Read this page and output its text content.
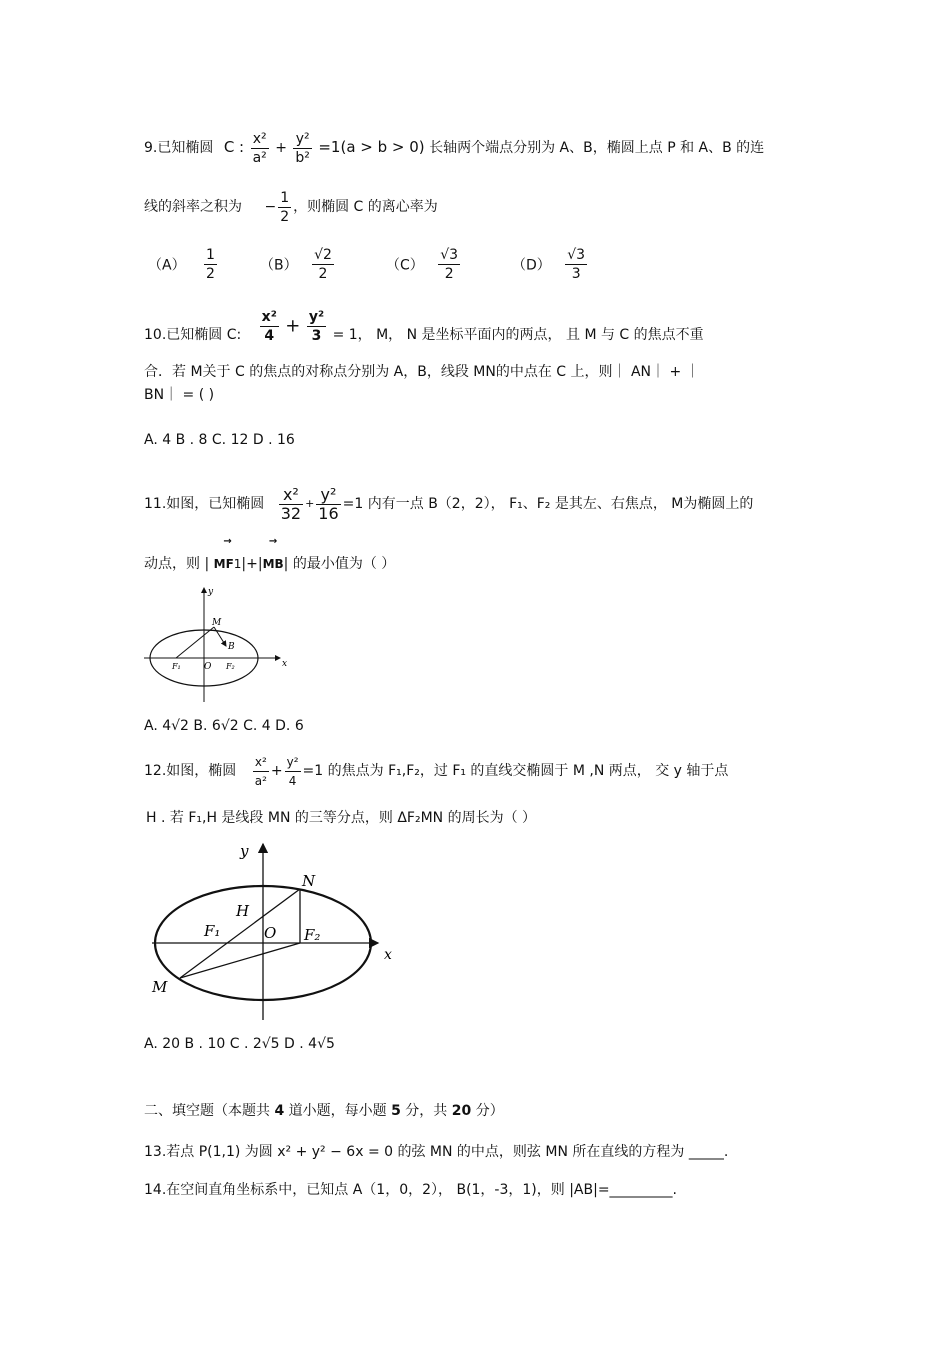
9.已知椭圆 C : $\frac{\text{x²}}{\text{a²}} + \frac{\text{y²}}{\text{b²}} =1(a > b > 0)$ 长轴两个端点分别为 A、B，椭圆上点 P 和 A、B 的连
线的斜率之积为 − $\frac{1}{2}$ ，则椭圆 C 的离心率为
$(A) \frac{1}{2}$	$(B) \frac{√2}{2}$	$(C) \frac{√3}{2}$	$(D) \frac{√3}{3}$
10.已知椭圆 C: $\frac{\text{x²}}{4} + \frac{\text{y²}}{3} = 1$， M， N 是坐标平面内的两点， 且 M 与 C 的焦点不重
合．若 M关于 C 的焦点的对称点分别为 A，B，线段 MN的中点在 C 上，则｜ AN｜ + ｜
BN｜ = ( )
A. 4 B . 8 C. 12 D . 16
11.如图，已知椭圆 $\frac{\text{x²}}{32} + \frac{\text{y²}}{16} =1$ 内有一点 B（2，2）， F₁、F₂ 是其左、右焦点， M为椭圆上的
动点，则 |
→
MF1|+|
→
MB| 的最小值为（ ）
y
x
M
B
F₁	O F₂
A. 4√2 B. 6√2 C. 4 D. 6
12.如图，椭圆 $\frac{\text{x²}}{\text{a²}} + \frac{\text{y²}}{4} =1$ 的焦点为 F₁,F₂，过 F₁ 的直线交椭圆于 M ,N 两点， 交 y 轴于点
H . 若 F₁,H 是线段 MN 的三等分点，则 ΔF₂MN 的周长为（ ）
y
x
N
H
F₁	O F₂
M
A. 20 B . 10 C . 2√5 D . 4√5
二、填空题（本题共 4 道小题，每小题 5 分，共 20 分）
13.若点 P(1,1) 为圆 x² + y² − 6x = 0 的弦 MN 的中点，则弦 MN 所在直线的方程为 _____.
14.在空间直角坐标系中，已知点 A（1，0，2）， B(1，-3，1)，则 |AB|=_________.
